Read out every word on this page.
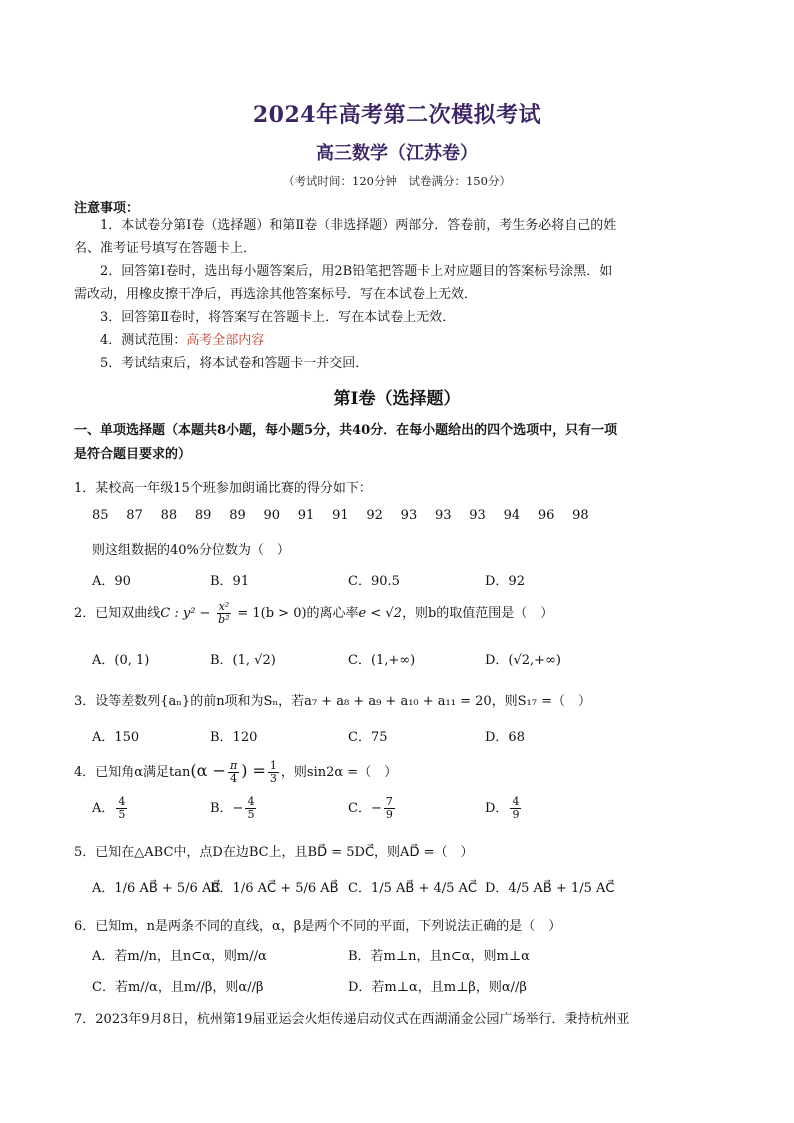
2024年高考第二次模拟考试
高三数学（江苏卷）
（考试时间：120分钟　试卷满分：150分）
注意事项：
1．本试卷分第Ⅰ卷（选择题）和第Ⅱ卷（非选择题）两部分．答卷前，考生务必将自己的姓
名、准考证号填写在答题卡上．
2．回答第Ⅰ卷时，选出每小题答案后，用2B铅笔把答题卡上对应题目的答案标号涂黑．如
需改动，用橡皮擦干净后，再选涂其他答案标号．写在本试卷上无效．
3．回答第Ⅱ卷时，将答案写在答题卡上．写在本试卷上无效．
4．测试范围：高考全部内容
5．考试结束后，将本试卷和答题卡一并交回．
第Ⅰ卷（选择题）
一、单项选择题（本题共8小题，每小题5分，共40分．在每小题给出的四个选项中，只有一项
是符合题目要求的）
1．某校高一年级15个班参加朗诵比赛的得分如下：
85 87 88 89 89 90 91 91 92 93 93 93 94 96 98
则这组数据的40%分位数为（　）
A．90	B．91	C．90.5	D．92
2．已知双曲线C : $y^2 - \frac{\text{x²}}{\text{b²}} = 1(b > 0)$的离心率e < √2，则b的取值范围是（　）
A．(0, 1)	B．(1, √2)	C．(1,+∞)	D．(√2,+∞)
3．设等差数列{aₙ}的前n项和为Sₙ，若a₇ + a₈ + a₉ + a₁₀ + a₁₁ = 20，则S₁₇ =（　）
A．150	B．120	C．75	D．68
4．已知角α满足$\tan(\alpha - \frac{\pi}{4}$ ) = $\frac{1}{3}$ ，则sin2α =（　）
A． $\frac{4}{5}$	B．− $\frac{4}{5}$	C．− $\frac{7}{9}$	D． $\frac{4}{9}$
5．已知在△ABC中，点D在边BC上，且BD⃗ = 5DC⃗，则AD⃗ =（　）
A．1/6 AB⃗ + 5/6 AC⃗
B．1/6 AC⃗ + 5/6 AB⃗ C．1/5 AB⃗ + 4/5 AC⃗ D．4/5 AB⃗ + 1/5 AC⃗
6．已知m，n是两条不同的直线，α，β是两个不同的平面，下列说法正确的是（　）
A．若m//n，且n⊂α，则m//α	B．若m⊥n，且n⊂α，则m⊥α
C．若m//α，且m//β，则α//β	D．若m⊥α，且m⊥β，则α//β
7．2023年9月8日，杭州第19届亚运会火炬传递启动仪式在西湖涌金公园广场举行．秉持杭州亚
